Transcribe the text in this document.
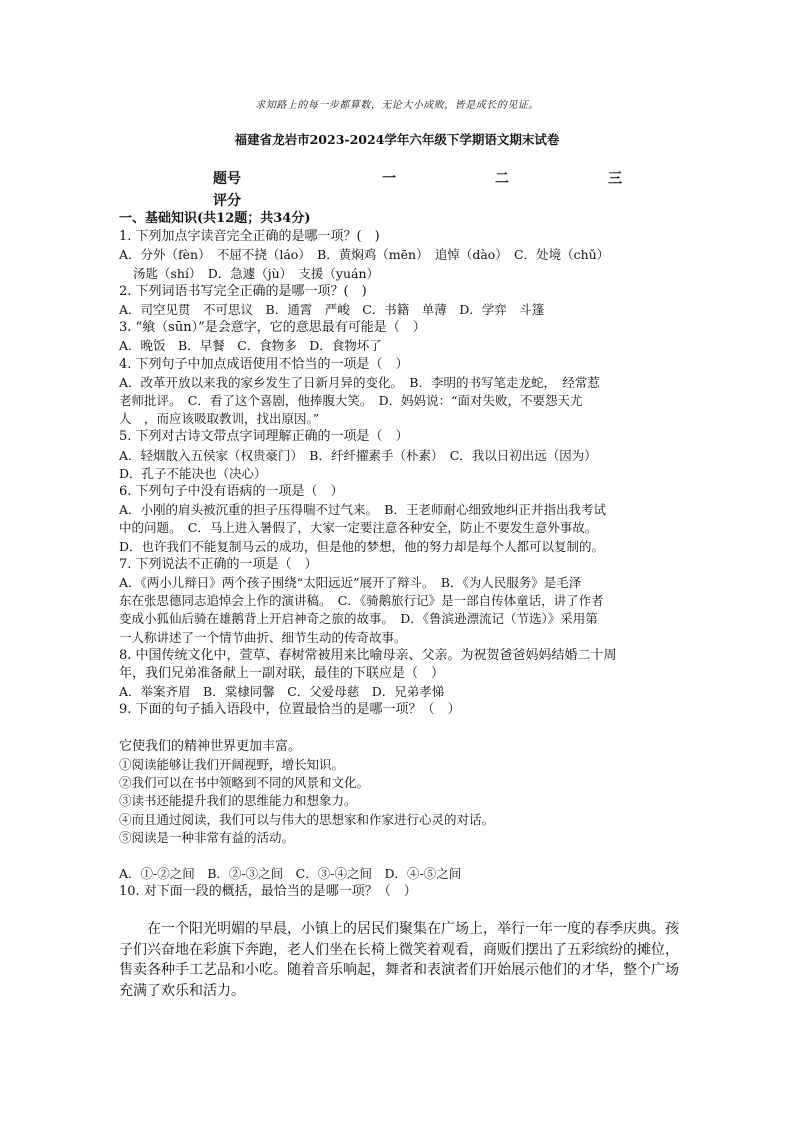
求知路上的每一步都算数，无论大小成败，皆是成长的见证。
福建省龙岩市2023-2024学年六年级下学期语文期末试卷
题号	一	二	三
评分

一、基础知识(共12题；共34分)

1. 下列加点字读音完全正确的是哪一项？(　)

A．分外（fèn）　不屈不挠（láo）　B．黄焖鸡（mēn）　追悼（dào）　C．处境（chǔ）

汤匙（shí）　D．急遽（jù）　支援（yuán）

2. 下列词语书写完全正确的是哪一项？(　)

A．司空见贯　不可思议　B．通霄　严峻　C．书籍　单薄　D．学弈　斗篷

3. “飨（sūn）”是会意字，它的意思最有可能是（　）

A．晚饭　B．早餐　C．食物多　D．食物坏了

4. 下列句子中加点成语使用不恰当的一项是（　）

A．改革开放以来我的家乡发生了日新月异的变化。　B．李明的书写笔走龙蛇，　经常惹

老师批评。　C．看了这个喜剧，他捧腹大笑。　D．妈妈说：“面对失败，不要怨天尤

人　，而应该吸取教训，找出原因。”

5. 下列对古诗文带点字词理解正确的一项是（　）

A．轻烟散入五侯家（权贵豪门）　B．纤纤擢素手（朴素）　C．我以日初出远（因为）

D．孔子不能决也（决心）

6. 下列句子中没有语病的一项是（　）

A．小刚的肩头被沉重的担子压得喘不过气来。　B．王老师耐心细致地纠正并指出我考试

中的问题。　C．马上进入暑假了，大家一定要注意各种安全，防止不要发生意外事故。

D．也许我们不能复制马云的成功，但是他的梦想，他的努力却是每个人都可以复制的。

7. 下列说法不正确的一项是（　）

A．《两小儿辩日》两个孩子围绕“太阳远近”展开了辩斗。　B．《为人民服务》是毛泽

东在张思德同志追悼会上作的演讲稿。　C．《骑鹅旅行记》是一部自传体童话，讲了作者

变成小狐仙后骑在雄鹅背上开启神奇之旅的故事。　D．《鲁滨逊漂流记（节选）》采用第

一人称讲述了一个情节曲折、细节生动的传奇故事。

8. 中国传统文化中，萱草、春树常被用来比喻母亲、父亲。为祝贺爸爸妈妈结婚二十周

年，我们兄弟准备献上一副对联，最佳的下联应是（　）

A．举案齐眉　B．棠棣同馨　C．父爱母慈　D．兄弟孝悌

9. 下面的句子插入语段中，位置最恰当的是哪一项？（　）

它使我们的精神世界更加丰富。

①阅读能够让我们开阔视野，增长知识。

②我们可以在书中领略到不同的风景和文化。

③读书还能提升我们的思维能力和想象力。

④而且通过阅读，我们可以与伟大的思想家和作家进行心灵的对话。

⑤阅读是一种非常有益的活动。

A．①-②之间　B．②-③之间　C．③-④之间　D．④-⑤之间

10. 对下面一段的概括，最恰当的是哪一项？（　）

在一个阳光明媚的早晨，小镇上的居民们聚集在广场上，举行一年一度的春季庆典。孩子们兴奋地在彩旗下奔跑，老人们坐在长椅上微笑着观看，商贩们摆出了五彩缤纷的摊位，售卖各种手工艺品和小吃。随着音乐响起，舞者和表演者们开始展示他们的才华，整个广场充满了欢乐和活力。
